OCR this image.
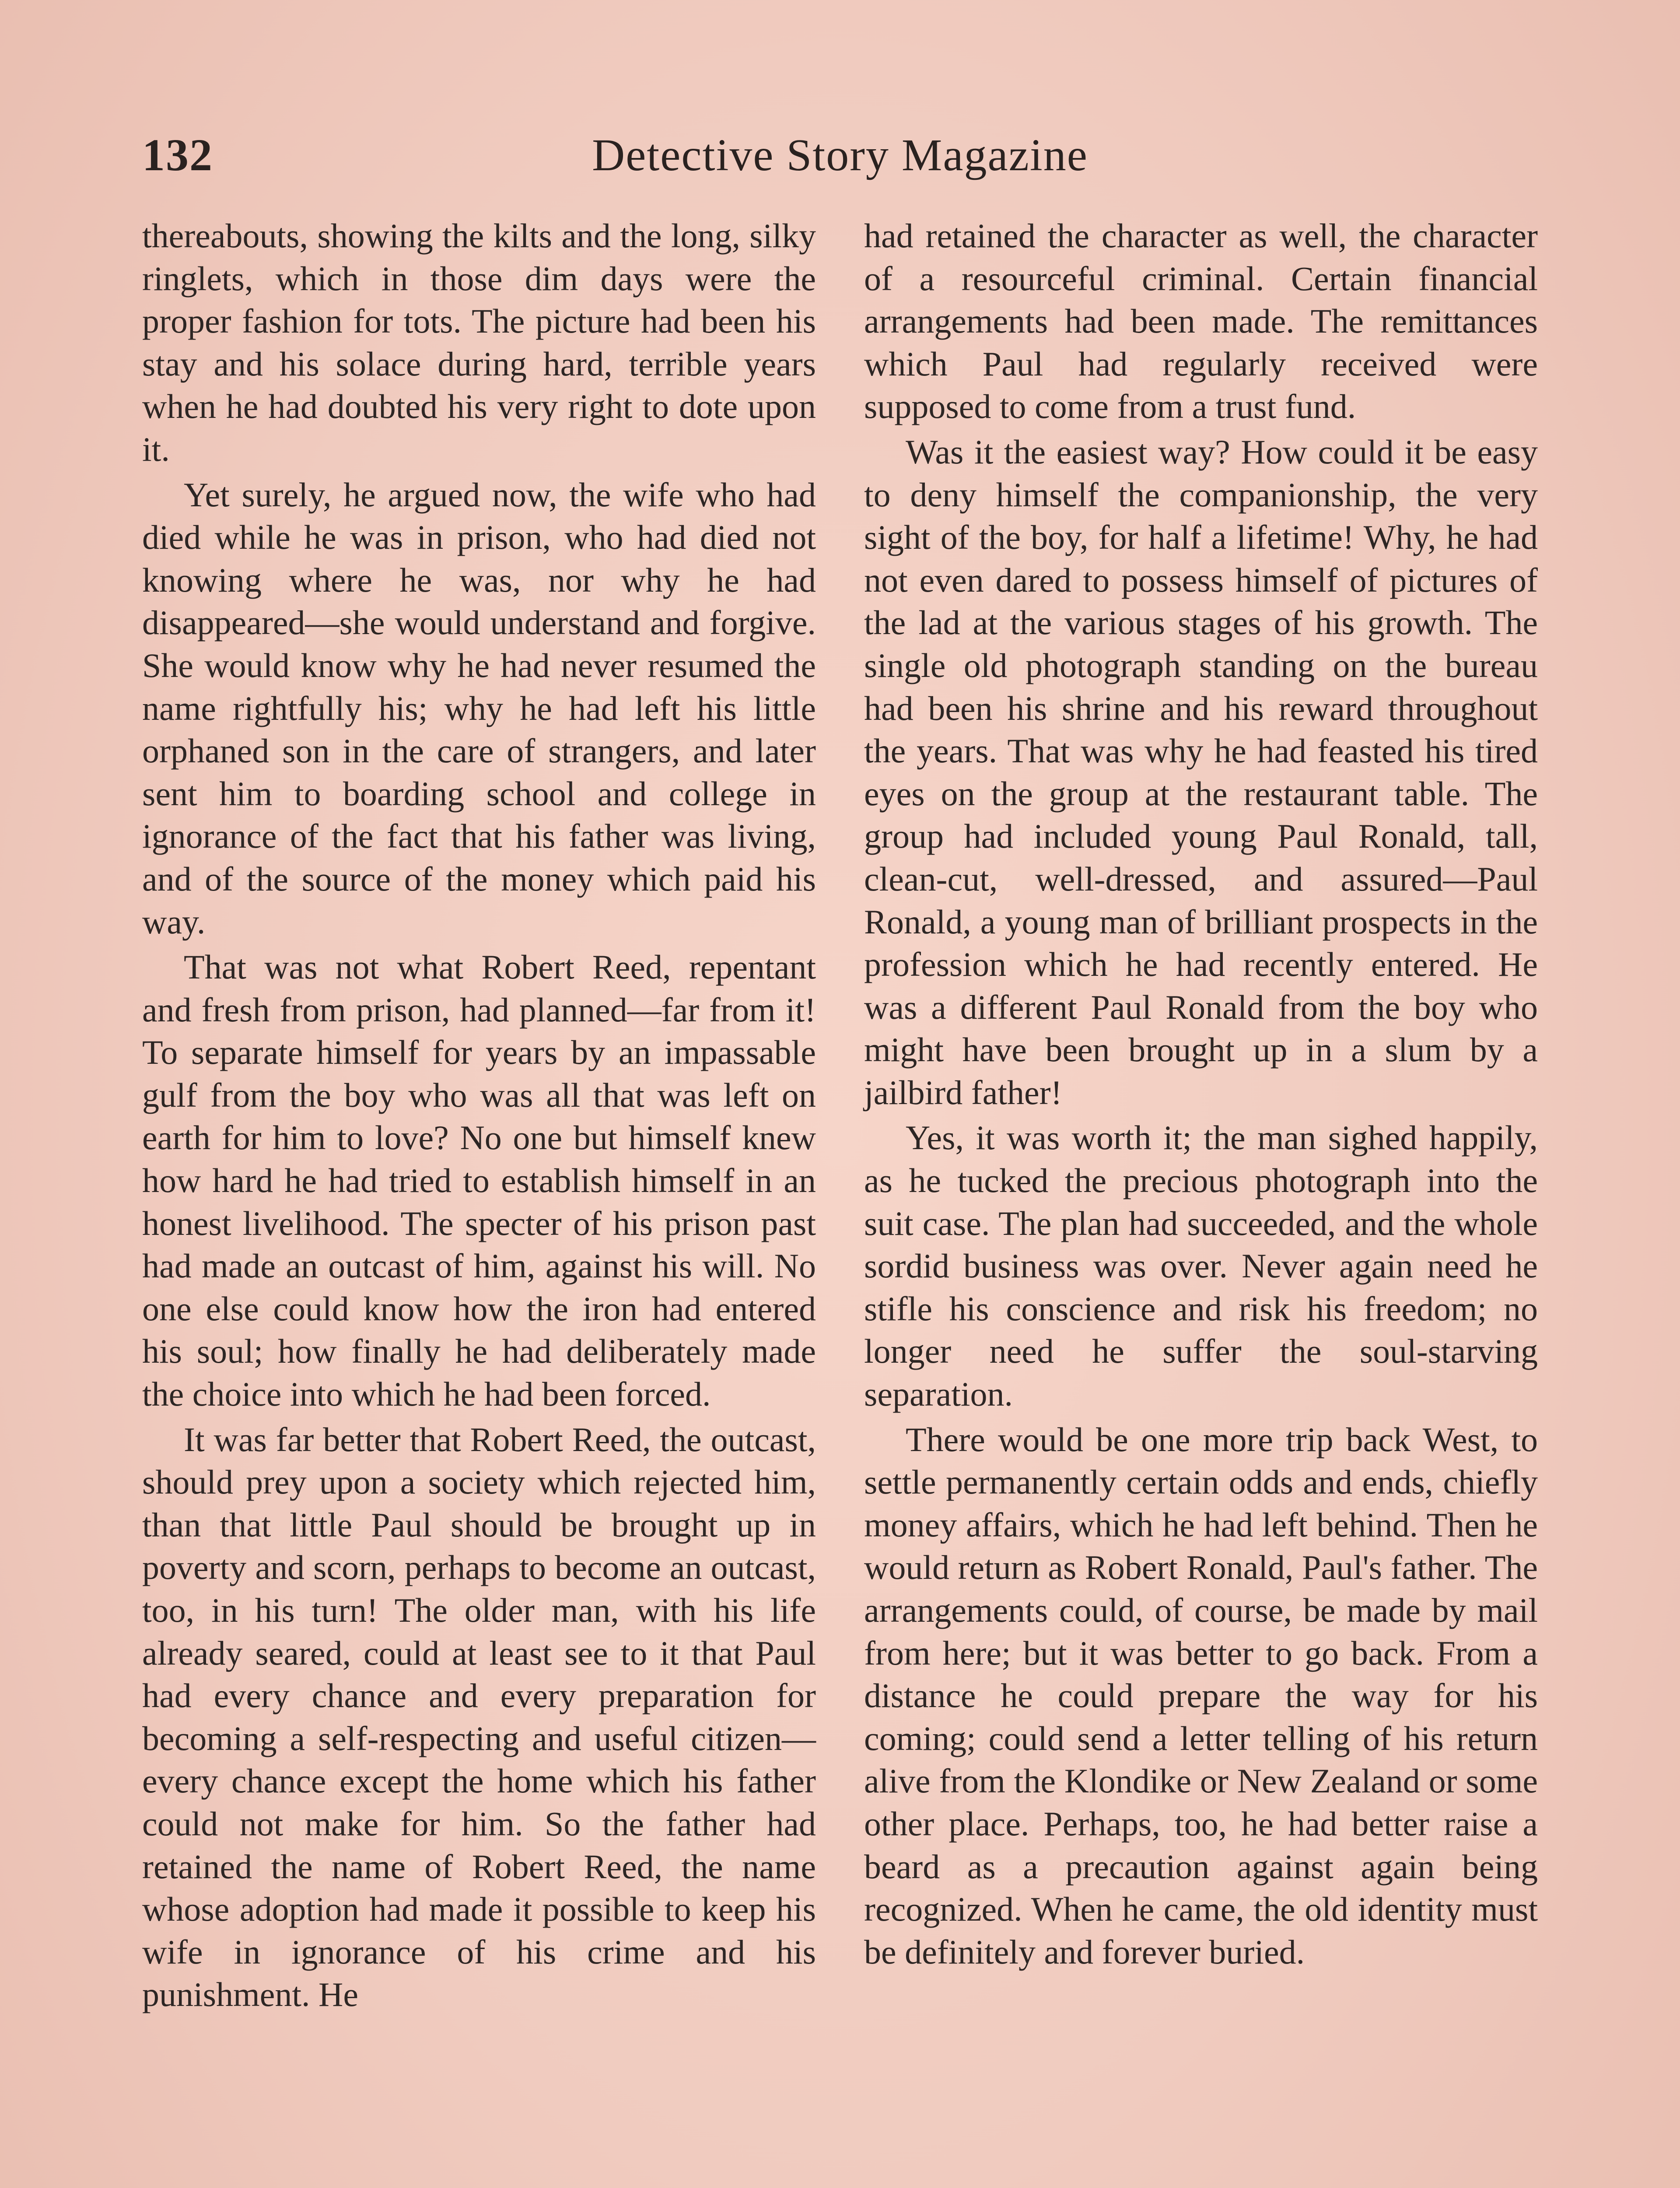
132	Detective Story Magazine

thereabouts, showing the kilts and the long, silky ringlets, which in those dim days were the proper fashion for tots. The picture had been his stay and his solace during hard, terrible years when he had doubted his very right to dote upon it.

Yet surely, he argued now, the wife who had died while he was in prison, who had died not knowing where he was, nor why he had disappeared—she would understand and forgive. She would know why he had never resumed the name rightfully his; why he had left his little orphaned son in the care of strangers, and later sent him to boarding school and college in ignorance of the fact that his father was living, and of the source of the money which paid his way.

That was not what Robert Reed, repentant and fresh from prison, had planned—far from it! To separate himself for years by an impassable gulf from the boy who was all that was left on earth for him to love? No one but himself knew how hard he had tried to establish himself in an honest livelihood. The specter of his prison past had made an outcast of him, against his will. No one else could know how the iron had entered his soul; how finally he had deliberately made the choice into which he had been forced.

It was far better that Robert Reed, the outcast, should prey upon a society which rejected him, than that little Paul should be brought up in poverty and scorn, perhaps to become an outcast, too, in his turn! The older man, with his life already seared, could at least see to it that Paul had every chance and every preparation for becoming a self-respecting and useful citizen—every chance except the home which his father could not make for him. So the father had retained the name of Robert Reed, the name whose adoption had made it possible to keep his wife in ignorance of his crime and his punishment. He

had retained the character as well, the character of a resourceful criminal. Certain financial arrangements had been made. The remittances which Paul had regularly received were supposed to come from a trust fund.

Was it the easiest way? How could it be easy to deny himself the companionship, the very sight of the boy, for half a lifetime! Why, he had not even dared to possess himself of pictures of the lad at the various stages of his growth. The single old photograph standing on the bureau had been his shrine and his reward throughout the years. That was why he had feasted his tired eyes on the group at the restaurant table. The group had included young Paul Ronald, tall, clean-cut, well-dressed, and assured—Paul Ronald, a young man of brilliant prospects in the profession which he had recently entered. He was a different Paul Ronald from the boy who might have been brought up in a slum by a jailbird father!

Yes, it was worth it; the man sighed happily, as he tucked the precious photograph into the suit case. The plan had succeeded, and the whole sordid business was over. Never again need he stifle his conscience and risk his freedom; no longer need he suffer the soul-starving separation.

There would be one more trip back West, to settle permanently certain odds and ends, chiefly money affairs, which he had left behind. Then he would return as Robert Ronald, Paul's father. The arrangements could, of course, be made by mail from here; but it was better to go back. From a distance he could prepare the way for his coming; could send a letter telling of his return alive from the Klondike or New Zealand or some other place. Perhaps, too, he had better raise a beard as a precaution against again being recognized. When he came, the old identity must be definitely and forever buried.
